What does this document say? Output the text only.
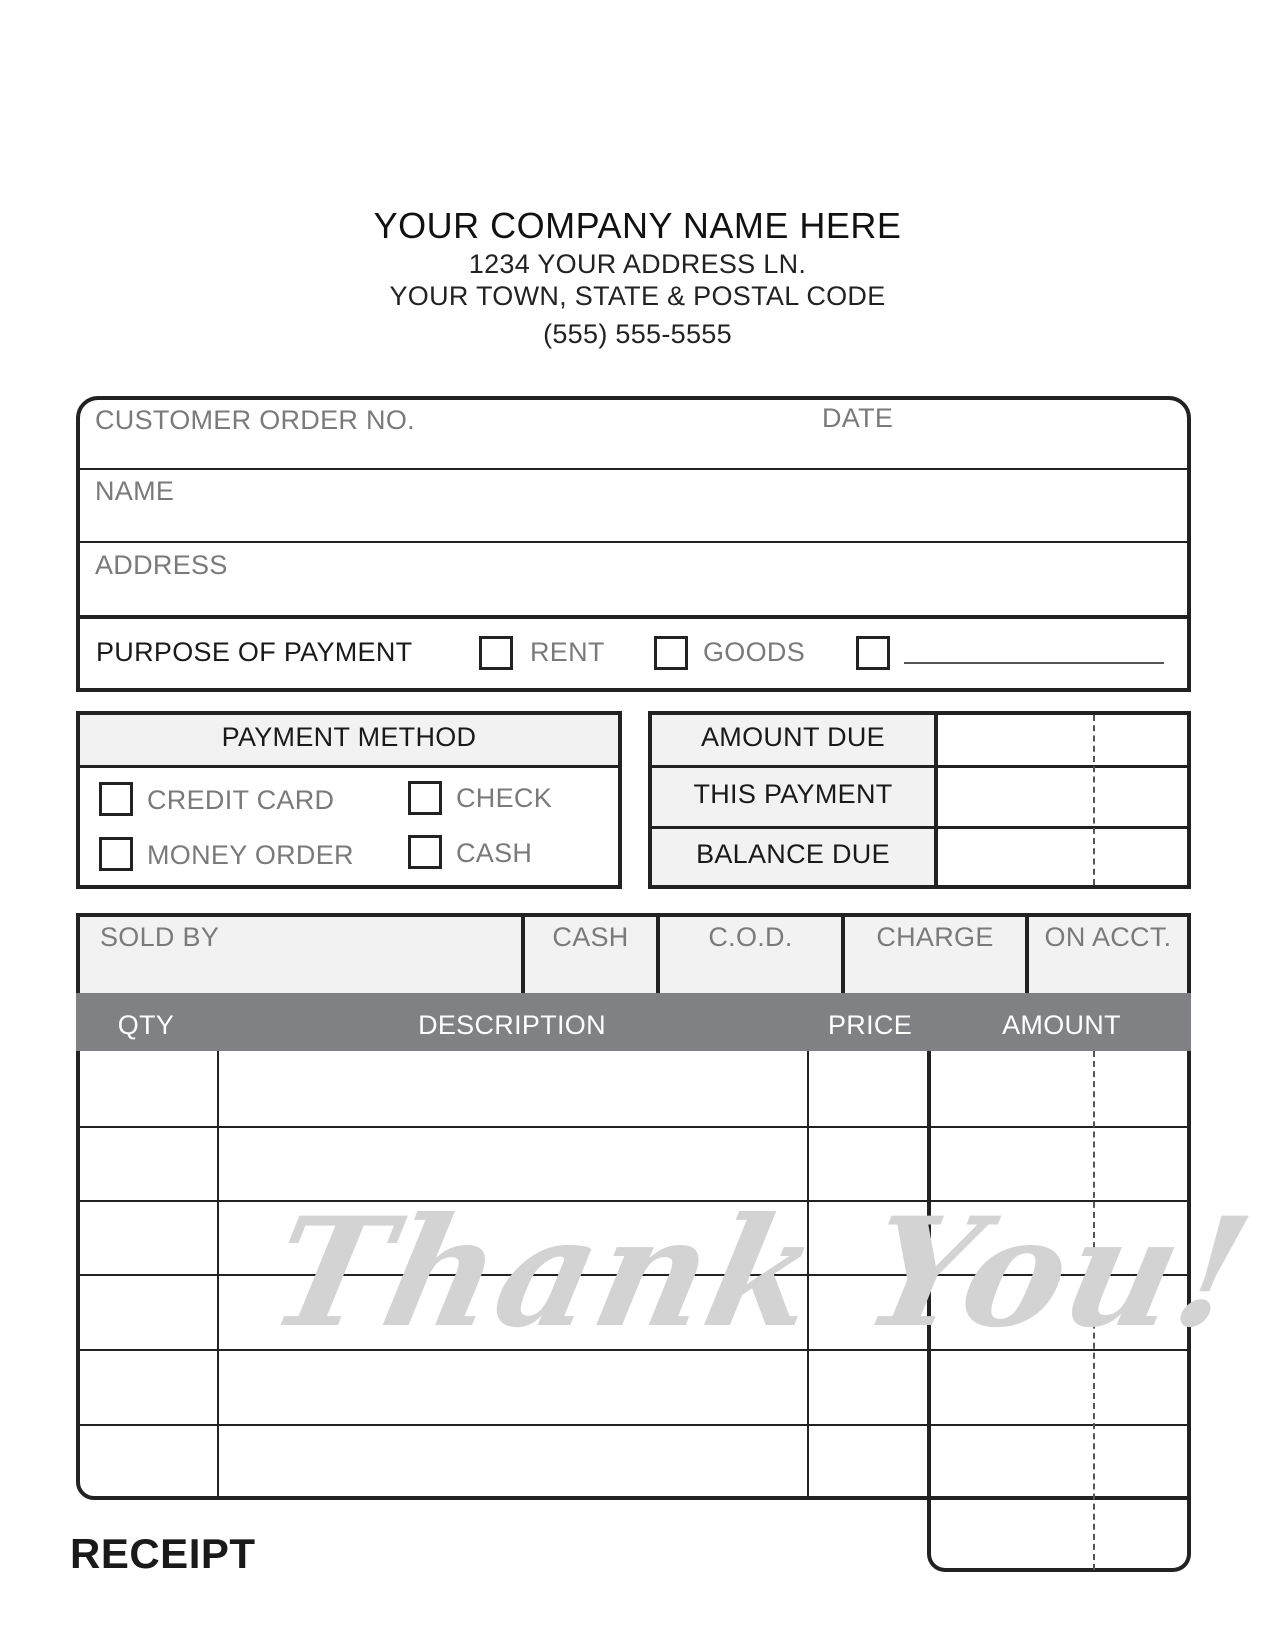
YOUR COMPANY NAME HERE
1234 YOUR ADDRESS LN.
YOUR TOWN, STATE & POSTAL CODE
(555) 555-5555
CUSTOMER ORDER NO.	DATE
NAME
ADDRESS
PURPOSE OF PAYMENT	RENT	GOODS
PAYMENT METHOD
CREDIT CARD	CHECK
MONEY ORDER	CASH
AMOUNT DUE
THIS PAYMENT
BALANCE DUE
SOLD BY	CASH	C.O.D.	CHARGE	ON ACCT.
QTY	DESCRIPTION	PRICE	AMOUNT
Thank You!
RECEIPT
